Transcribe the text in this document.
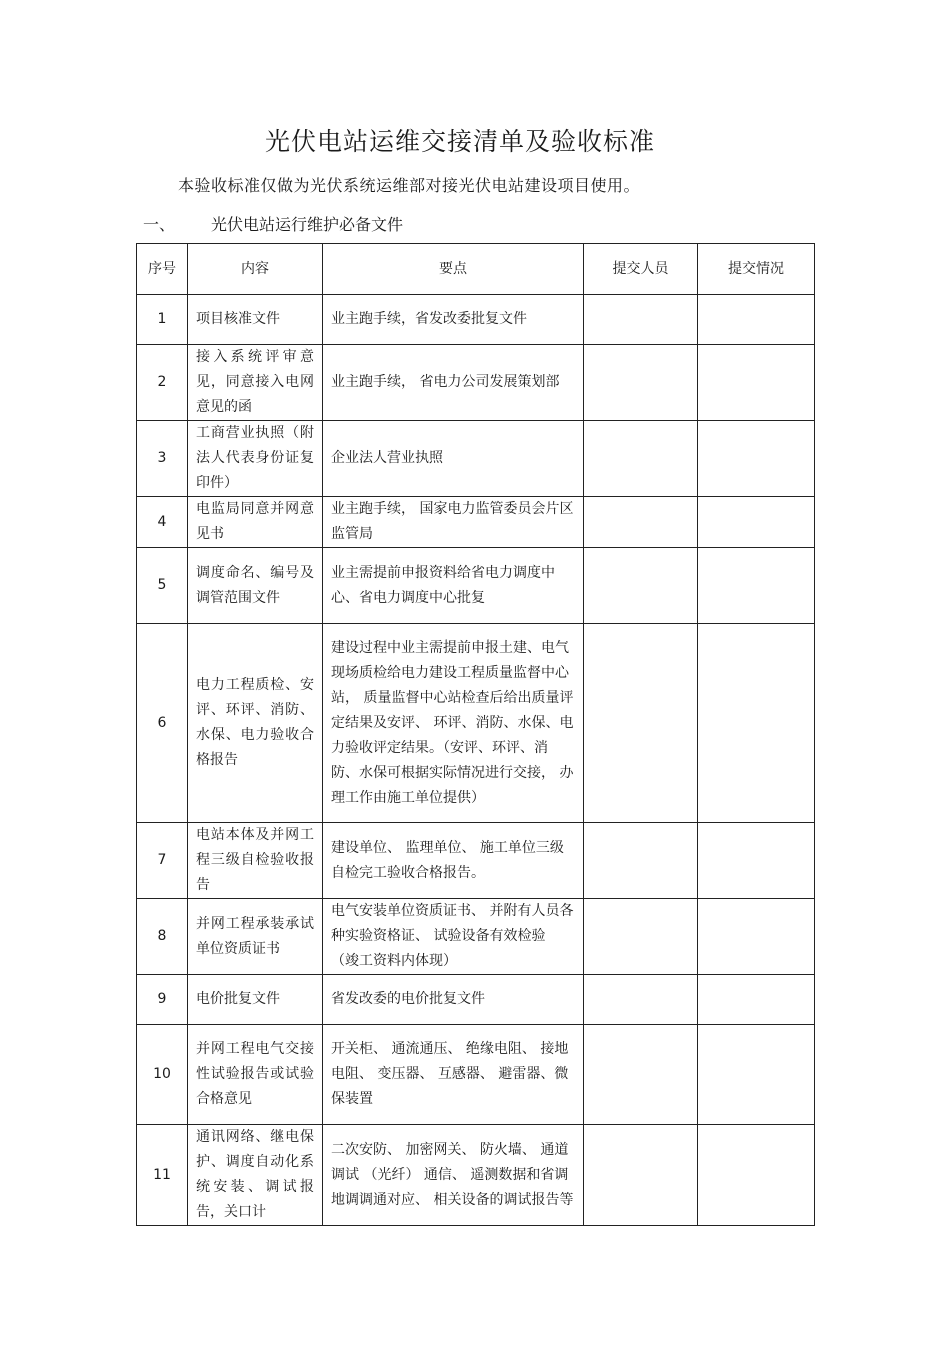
光伏电站运维交接清单及验收标准
本验收标准仅做为光伏系统运维部对接光伏电站建设项目使用。
一、 光伏电站运行维护必备文件
序号	内容	要点	提交人员	提交情况
1	项目核准文件	业主跑手续，省发改委批复文件		
2	接入系统评审意见，同意接入电网意见的函	业主跑手续， 省电力公司发展策划部		
3	工商营业执照（附法人代表身份证复印件）	企业法人营业执照		
4	电监局同意并网意见书	业主跑手续， 国家电力监管委员会片区监管局		
5	调度命名、编号及调管范围文件	业主需提前申报资料给省电力调度中心、省电力调度中心批复		
6	电力工程质检、安评、环评、消防、水保、电力验收合格报告	建设过程中业主需提前申报土建、电气现场质检给电力建设工程质量监督中心站， 质量监督中心站检查后给出质量评定结果及安评、 环评、消防、水保、电力验收评定结果。（安评、环评、消防、水保可根据实际情况进行交接， 办理工作由施工单位提供）		
7	电站本体及并网工程三级自检验收报告	建设单位、 监理单位、 施工单位三级自检完工验收合格报告。		
8	并网工程承装承试单位资质证书	电气安装单位资质证书、 并附有人员各种实验资格证、 试验设备有效检验 （竣工资料内体现）		
9	电价批复文件	省发改委的电价批复文件		
10	并网工程电气交接性试验报告或试验合格意见	开关柜、 通流通压、 绝缘电阻、 接地电阻、 变压器、 互感器、 避雷器、微保装置		
11	通讯网络、继电保护、调度自动化系统安装、调试报告，关口计	二次安防、 加密网关、 防火墙、 通道调试 （光纤） 通信、 遥测数据和省调地调调通对应、 相关设备的调试报告等		
